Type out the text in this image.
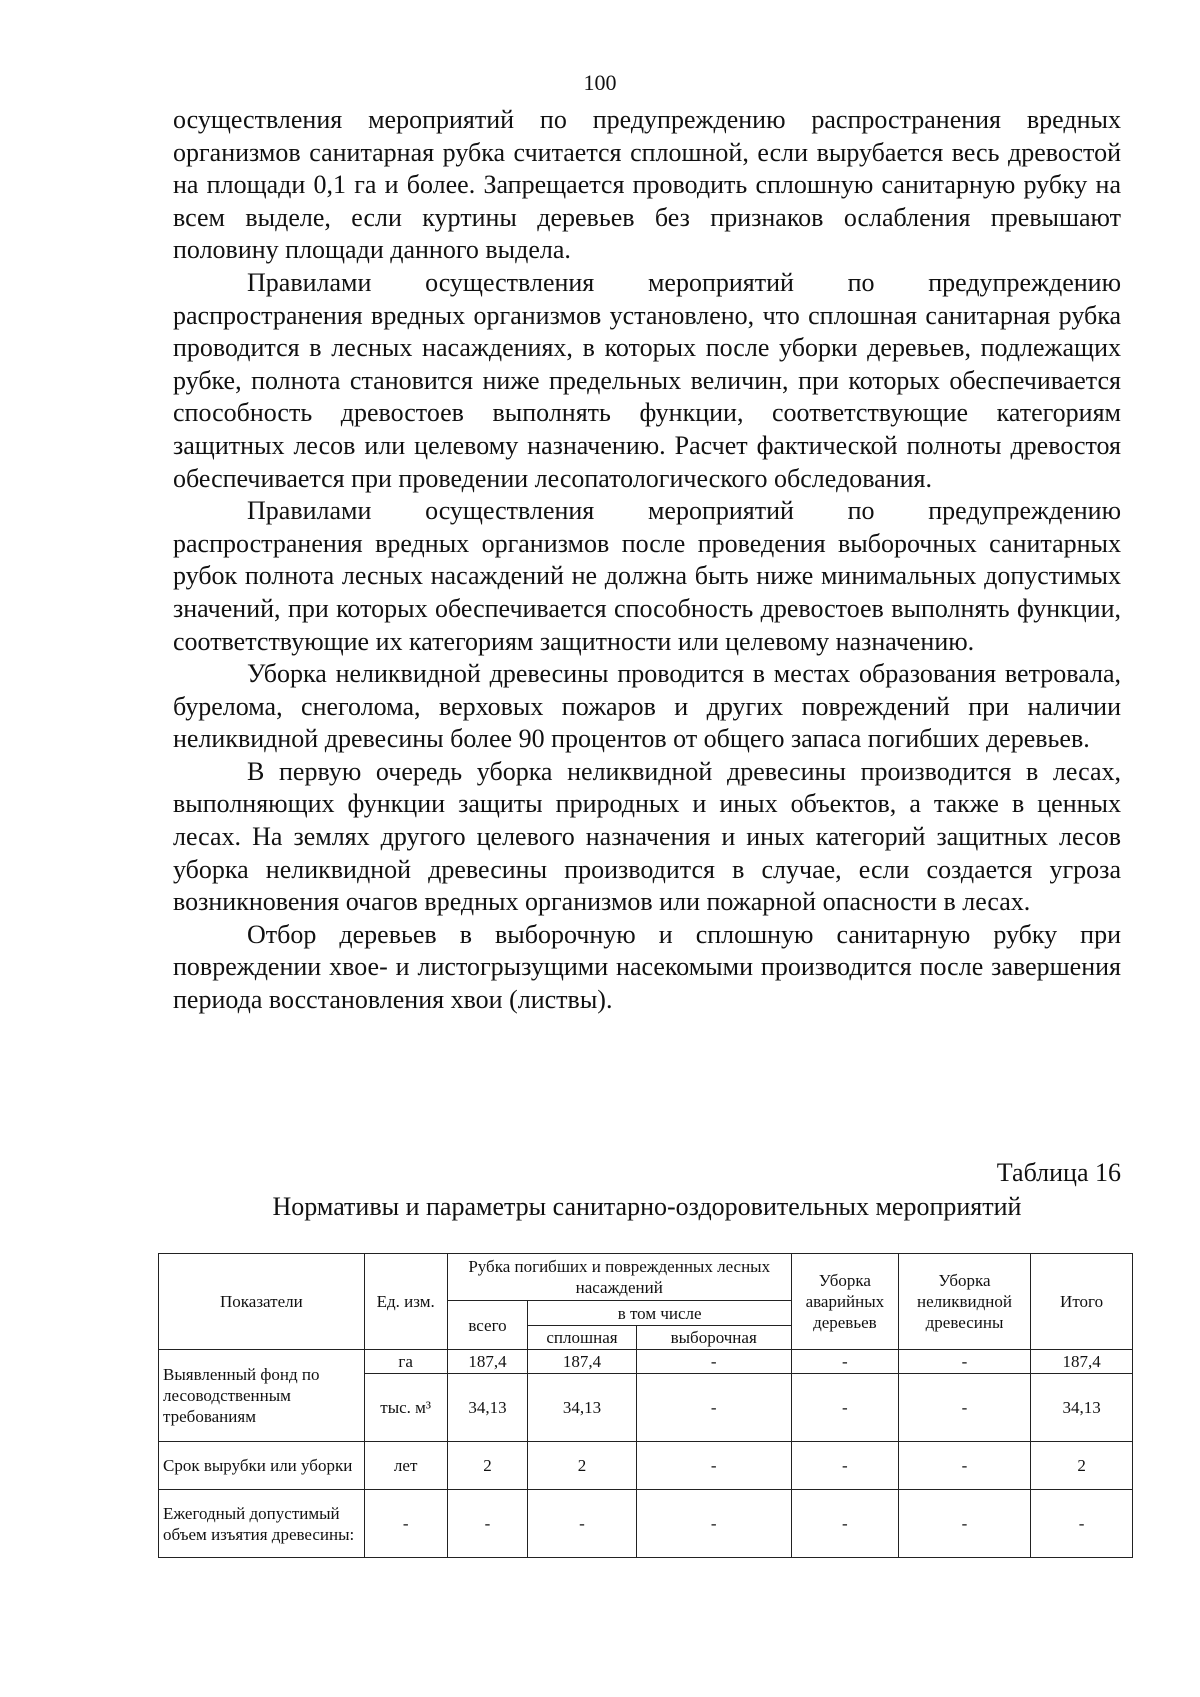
100

осуществления мероприятий по предупреждению распространения вредных организмов санитарная рубка считается сплошной, если вырубается весь древостой на площади 0,1 га и более. Запрещается проводить сплошную санитарную рубку на всем выделе, если куртины деревьев без признаков ослабления превышают половину площади данного выдела.

Правилами осуществления мероприятий по предупреждению распространения вредных организмов установлено, что сплошная санитарная рубка проводится в лесных насаждениях, в которых после уборки деревьев, подлежащих рубке, полнота становится ниже предельных величин, при которых обеспечивается способность древостоев выполнять функции, соответствующие категориям защитных лесов или целевому назначению. Расчет фактической полноты древостоя обеспечивается при проведении лесопатологического обследования.

Правилами осуществления мероприятий по предупреждению распространения вредных организмов после проведения выборочных санитарных рубок полнота лесных насаждений не должна быть ниже минимальных допустимых значений, при которых обеспечивается способность древостоев выполнять функции, соответствующие их категориям защитности или целевому назначению.

Уборка неликвидной древесины проводится в местах образования ветровала, бурелома, снеголома, верховых пожаров и других повреждений при наличии неликвидной древесины более 90 процентов от общего запаса погибших деревьев.

В первую очередь уборка неликвидной древесины производится в лесах, выполняющих функции защиты природных и иных объектов, а также в ценных лесах. На землях другого целевого назначения и иных категорий защитных лесов уборка неликвидной древесины производится в случае, если создается угроза возникновения очагов вредных организмов или пожарной опасности в лесах.

Отбор деревьев в выборочную и сплошную санитарную рубку при повреждении хвое- и листогрызущими насекомыми производится после завершения периода восстановления хвои (листвы).

Таблица 16
Нормативы и параметры санитарно-оздоровительных мероприятий
Показатели	Ед. изм.	Рубка погибших и поврежденных лесных насаждений			Уборка аварийных деревьев	Уборка неликвидной древесины	Итого
		всего	в том числе				
			сплошная	выборочная			
Выявленный фонд по лесоводственным требованиям	га	187,4	187,4	-	-	-	187,4
	тыс. м³	34,13	34,13	-	-	-	34,13
Срок вырубки или уборки	лет	2	2	-	-	-	2
Ежегодный допустимый объем изъятия древесины:	-	-	-	-	-	-	-
